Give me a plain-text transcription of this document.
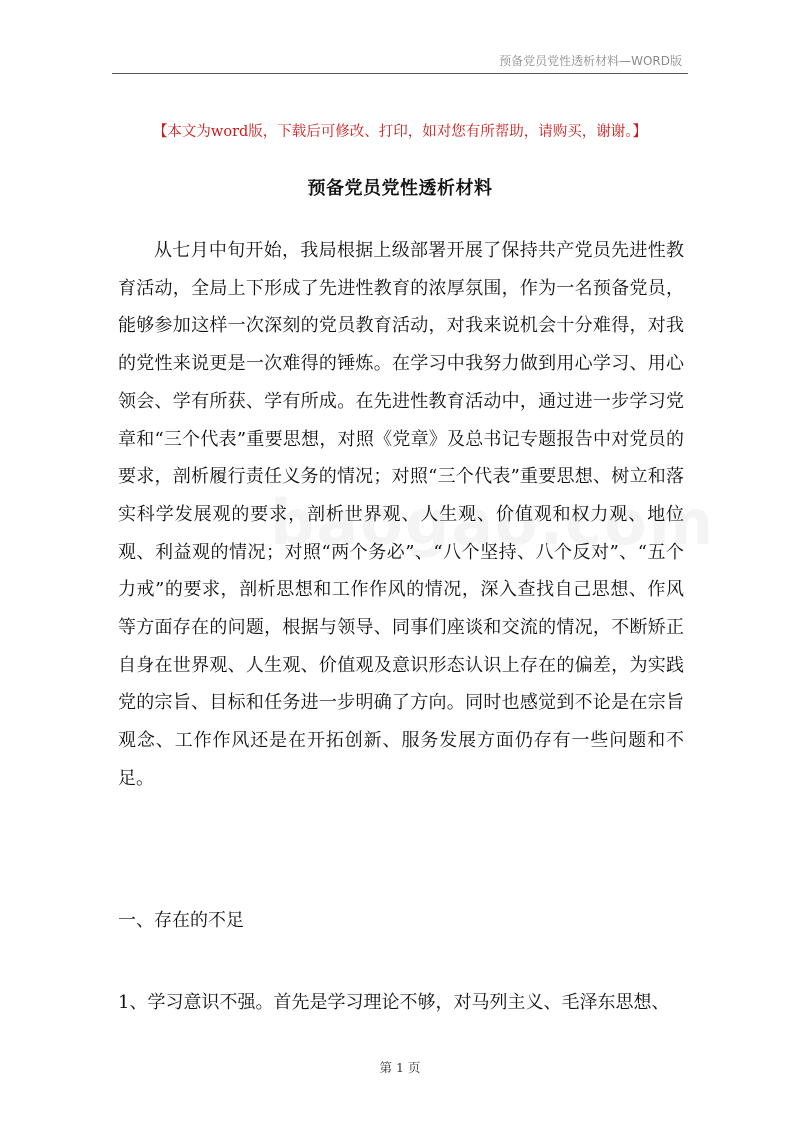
预备党员党性透析材料—WORD版
【本文为word版，下载后可修改、打印，如对您有所帮助，请购买，谢谢。】
预备党员党性透析材料

从七月中旬开始，我局根据上级部署开展了保持共产党员先进性教育活动，全局上下形成了先进性教育的浓厚氛围，作为一名预备党员，能够参加这样一次深刻的党员教育活动，对我来说机会十分难得，对我的党性来说更是一次难得的锤炼。在学习中我努力做到用心学习、用心领会、学有所获、学有所成。在先进性教育活动中，通过进一步学习党章和“三个代表”重要思想，对照《党章》及总书记专题报告中对党员的要求，剖析履行责任义务的情况；对照“三个代表”重要思想、树立和落实科学发展观的要求，剖析世界观、人生观、价值观和权力观、地位观、利益观的情况；对照“两个务必”、“八个坚持、八个反对”、“五个力戒”的要求，剖析思想和工作作风的情况，深入查找自己思想、作风等方面存在的问题，根据与领导、同事们座谈和交流的情况，不断矫正自身在世界观、人生观、价值观及意识形态认识上存在的偏差，为实践党的宗旨、目标和任务进一步明确了方向。同时也感觉到不论是在宗旨观念、工作作风还是在开拓创新、服务发展方面仍存有一些问题和不足。

一、存在的不足

1、学习意识不强。首先是学习理论不够，对马列主义、毛泽东思想、

第 1 页
